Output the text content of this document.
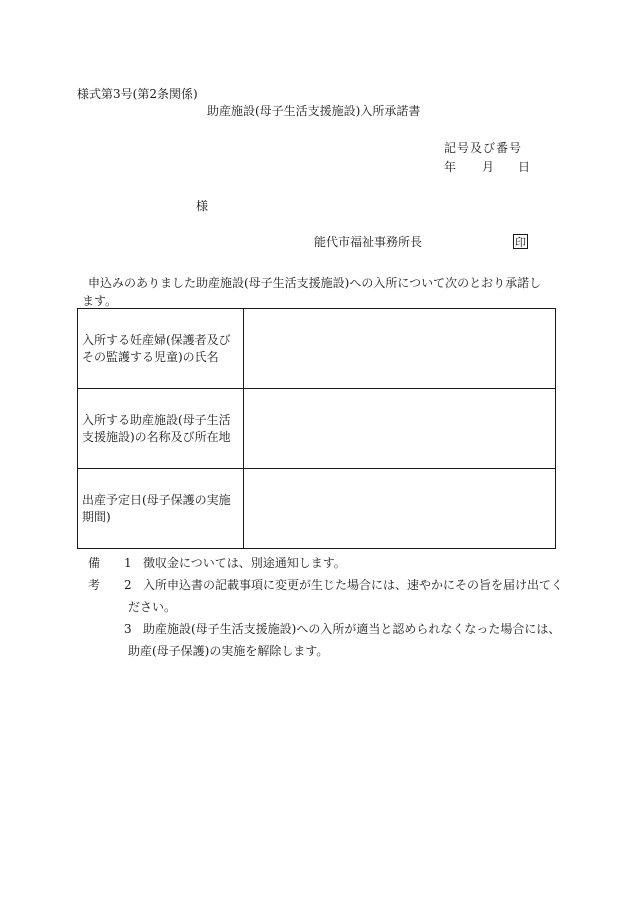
様式第3号(第2条関係)
助産施設(母子生活支援施設)入所承諾書
記号及び番号
年 月 日
様
能代市福祉事務所長	印
申込みのありました助産施設(母子生活支援施設)への入所について次のとおり承諾し
ます。
入所する妊産婦(保護者及び
その監護する児童)の氏名	
入所する助産施設(母子生活
支援施設)の名称及び所在地	
出産予定日(母子保護の実施
期間)	
備考
1 徴収金については、別途通知します。
2 入所申込書の記載事項に変更が生じた場合には、速やかにその旨を届け出てく
ださい。
3 助産施設(母子生活支援施設)への入所が適当と認められなくなった場合には、
助産(母子保護)の実施を解除します。
